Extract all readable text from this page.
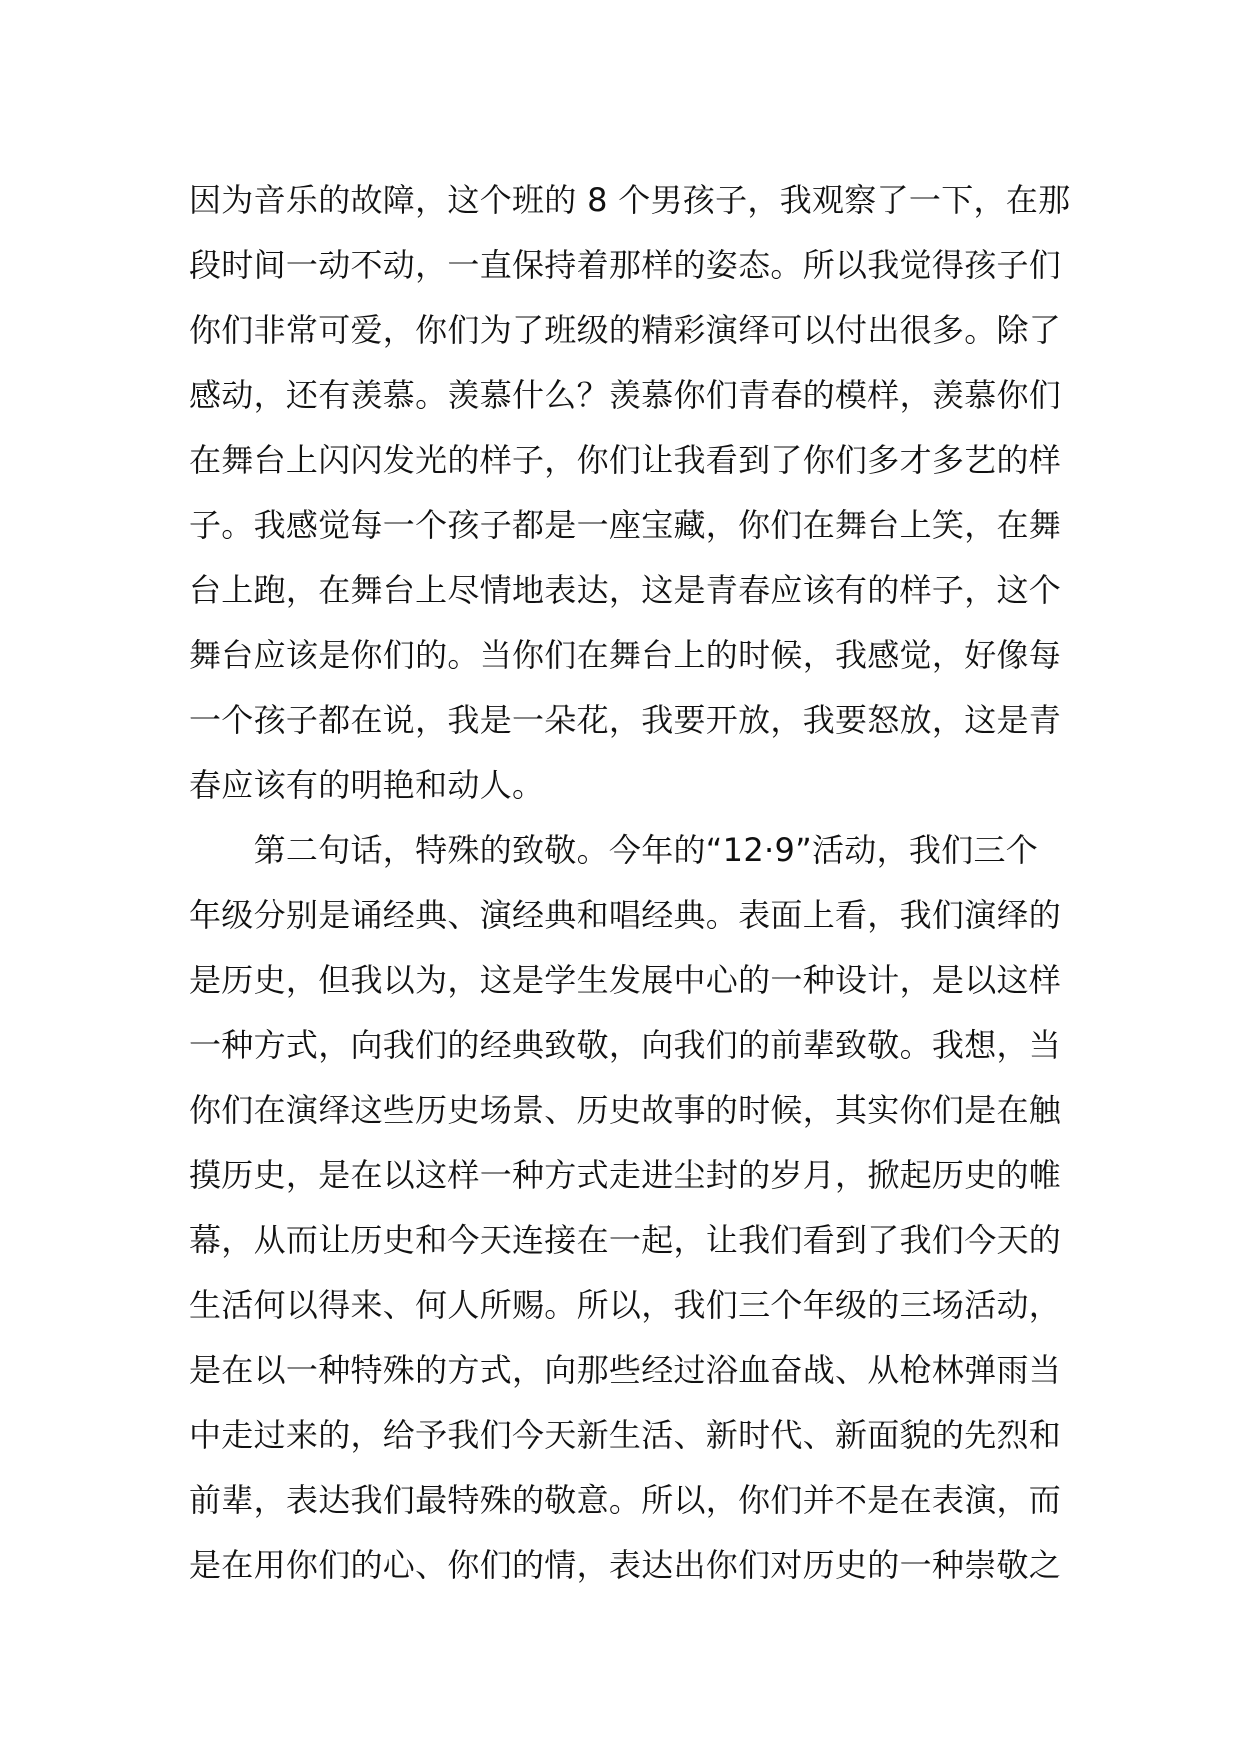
因为音乐的故障，这个班的 8 个男孩子，我观察了一下，在那
段时间一动不动，一直保持着那样的姿态。所以我觉得孩子们
你们非常可爱，你们为了班级的精彩演绎可以付出很多。除了
感动，还有羡慕。羡慕什么？羡慕你们青春的模样，羡慕你们
在舞台上闪闪发光的样子，你们让我看到了你们多才多艺的样
子。我感觉每一个孩子都是一座宝藏，你们在舞台上笑，在舞
台上跑，在舞台上尽情地表达，这是青春应该有的样子，这个
舞台应该是你们的。当你们在舞台上的时候，我感觉，好像每
一个孩子都在说，我是一朵花，我要开放，我要怒放，这是青
春应该有的明艳和动人。
　　第二句话，特殊的致敬。今年的“12·9”活动，我们三个
年级分别是诵经典、演经典和唱经典。表面上看，我们演绎的
是历史，但我以为，这是学生发展中心的一种设计，是以这样
一种方式，向我们的经典致敬，向我们的前辈致敬。我想，当
你们在演绎这些历史场景、历史故事的时候，其实你们是在触
摸历史，是在以这样一种方式走进尘封的岁月，掀起历史的帷
幕，从而让历史和今天连接在一起，让我们看到了我们今天的
生活何以得来、何人所赐。所以，我们三个年级的三场活动，
是在以一种特殊的方式，向那些经过浴血奋战、从枪林弹雨当
中走过来的，给予我们今天新生活、新时代、新面貌的先烈和
前辈，表达我们最特殊的敬意。所以，你们并不是在表演，而
是在用你们的心、你们的情，表达出你们对历史的一种崇敬之
